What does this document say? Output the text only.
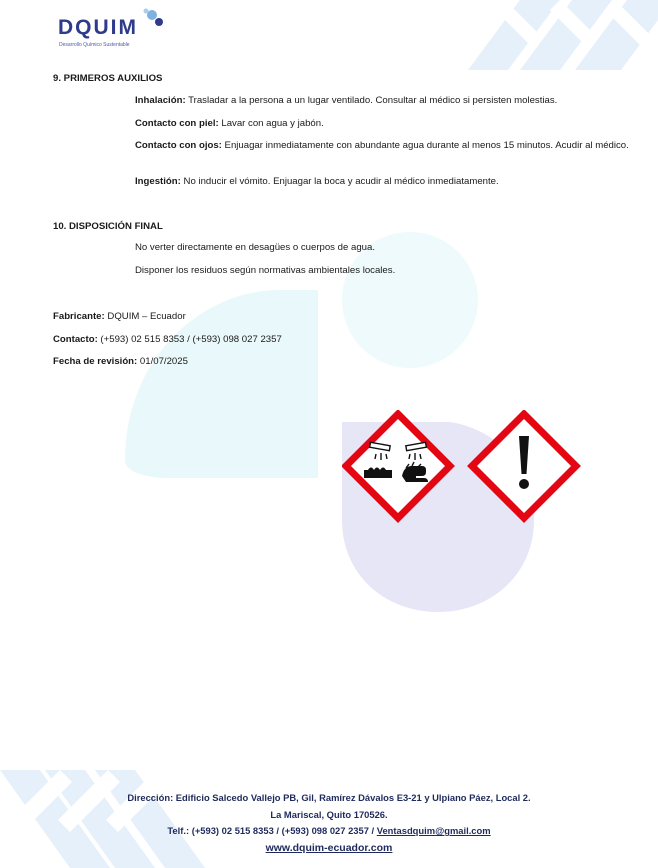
DQUIM
Desarrollo Químico Sustentable

9. PRIMEROS AUXILIOS

Inhalación: Trasladar a la persona a un lugar ventilado. Consultar al médico si persisten molestias.

Contacto con piel: Lavar con agua y jabón.

Contacto con ojos: Enjuagar inmediatamente con abundante agua durante al menos 15 minutos. Acudir al médico.

Ingestión: No inducir el vómito. Enjuagar la boca y acudir al médico inmediatamente.

10. DISPOSICIÓN FINAL

No verter directamente en desagües o cuerpos de agua.

Disponer los residuos según normativas ambientales locales.

Fabricante: DQUIM – Ecuador

Contacto: (+593) 02 515 8353 / (+593) 098 027 2357

Fecha de revisión: 01/07/2025

Dirección: Edificio Salcedo Vallejo PB, Gil, Ramírez Dávalos E3-21 y Ulpiano Páez, Local 2.
La Mariscal, Quito 170526.
Telf.: (+593) 02 515 8353 / (+593) 098 027 2357 / Ventasdquim@gmail.com
www.dquim-ecuador.com
